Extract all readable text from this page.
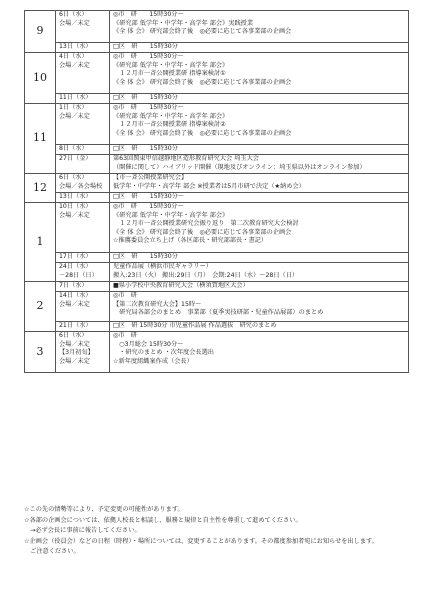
9	6日（水）
会場／未定	◎市　研　　15時30分～
《研究部 低学年・中学年・高学年 部会》実践授業
《全 体 会》 研究部会終了後　◎必要に応じて各事業部の企画会

	13日（水）	□区　研　　15時30分

10	4日（水）
会場／未定	◎市　研　　15時30分～
《研究部 低学年・中学年・高学年 部会》
　１２月市一斉公開授業研 指導案検討①
《全 体 会》 研究部会終了後　◎必要に応じて各事業部の企画会

	11日（水）	□区　研　　15時30分

11	1日（水）
会場／未定	◎市　研　　15時30分～
《研究部 低学年・中学年・高学年 部会》
　１２月市一斉公開授業研 指導案検討②
《全 体 会》 研究部会終了後　◎必要に応じて各事業部の企画会

	8日（水）	□区　研　　15時30分

	27日（金）	第63回関東甲信越静地区造形教育研究大会 埼玉大会
（開催に関して）ハイブリッド開催（現地及びオンライン：埼玉県以外はオンライン参加）

12	6日（水）
会場／各会場校	【市一斉公開授業研究会】
低学年・中学年・高学年 部会 ※授業者は5月市研で決定（★納め会）

	13日（水）	□区　研　　15時30分～

1	10日（水）
会場／未定	◎市　研　　15時30分～
《研究部 低学年・中学年・高学年 部会》
　１２月市一斉公開授業研究会振り返り　第二次教育研究大会検討
《全 体 会》 研究部会終了後　◎必要に応じて各事業部の企画会
☆推薦委員会立ち上げ（各区部長・研究部部長・書記）

	17日（水）	□区　研　　15時30分

	24日（水）
－28日（日）	児童作品展（横浜市民ギャラリー）
搬入:23日（火） 搬出:29日（月）　会期:24日（水）～28日（日）

2	7日（水）	■県小学校中央教育研究大会（横須賀地区大会）

	14日（水）
会場／未定	◎市　研
【第二次教育研究大会】15時～
　研究局各部会のまとめ　事業部（夏季実技研部・児童作品展部）のまとめ

	21日（水）	□区　研 15時30分 市児童作品展 作品選抜　研究のまとめ

3	6日（水）
会場／未定
【3月初旬】
会場／未定	◎市　研
　○3月総会 15時30分～
　・研究のまとめ ・次年度会長選出
☆新年度組織案作成（会長）
☆この先の情勢等により、予定変更の可能性があります。
☆各部の企画会については、依拠人校長と相談し、服務と規律と自主性を尊重して進めてください。
　→必ず会長に事前に報告してください。
☆企画会（役員会）などの日程（時程）・場所については、変更することがあります。その都度参加者宛にお知らせを出します。
　ご注意ください。
